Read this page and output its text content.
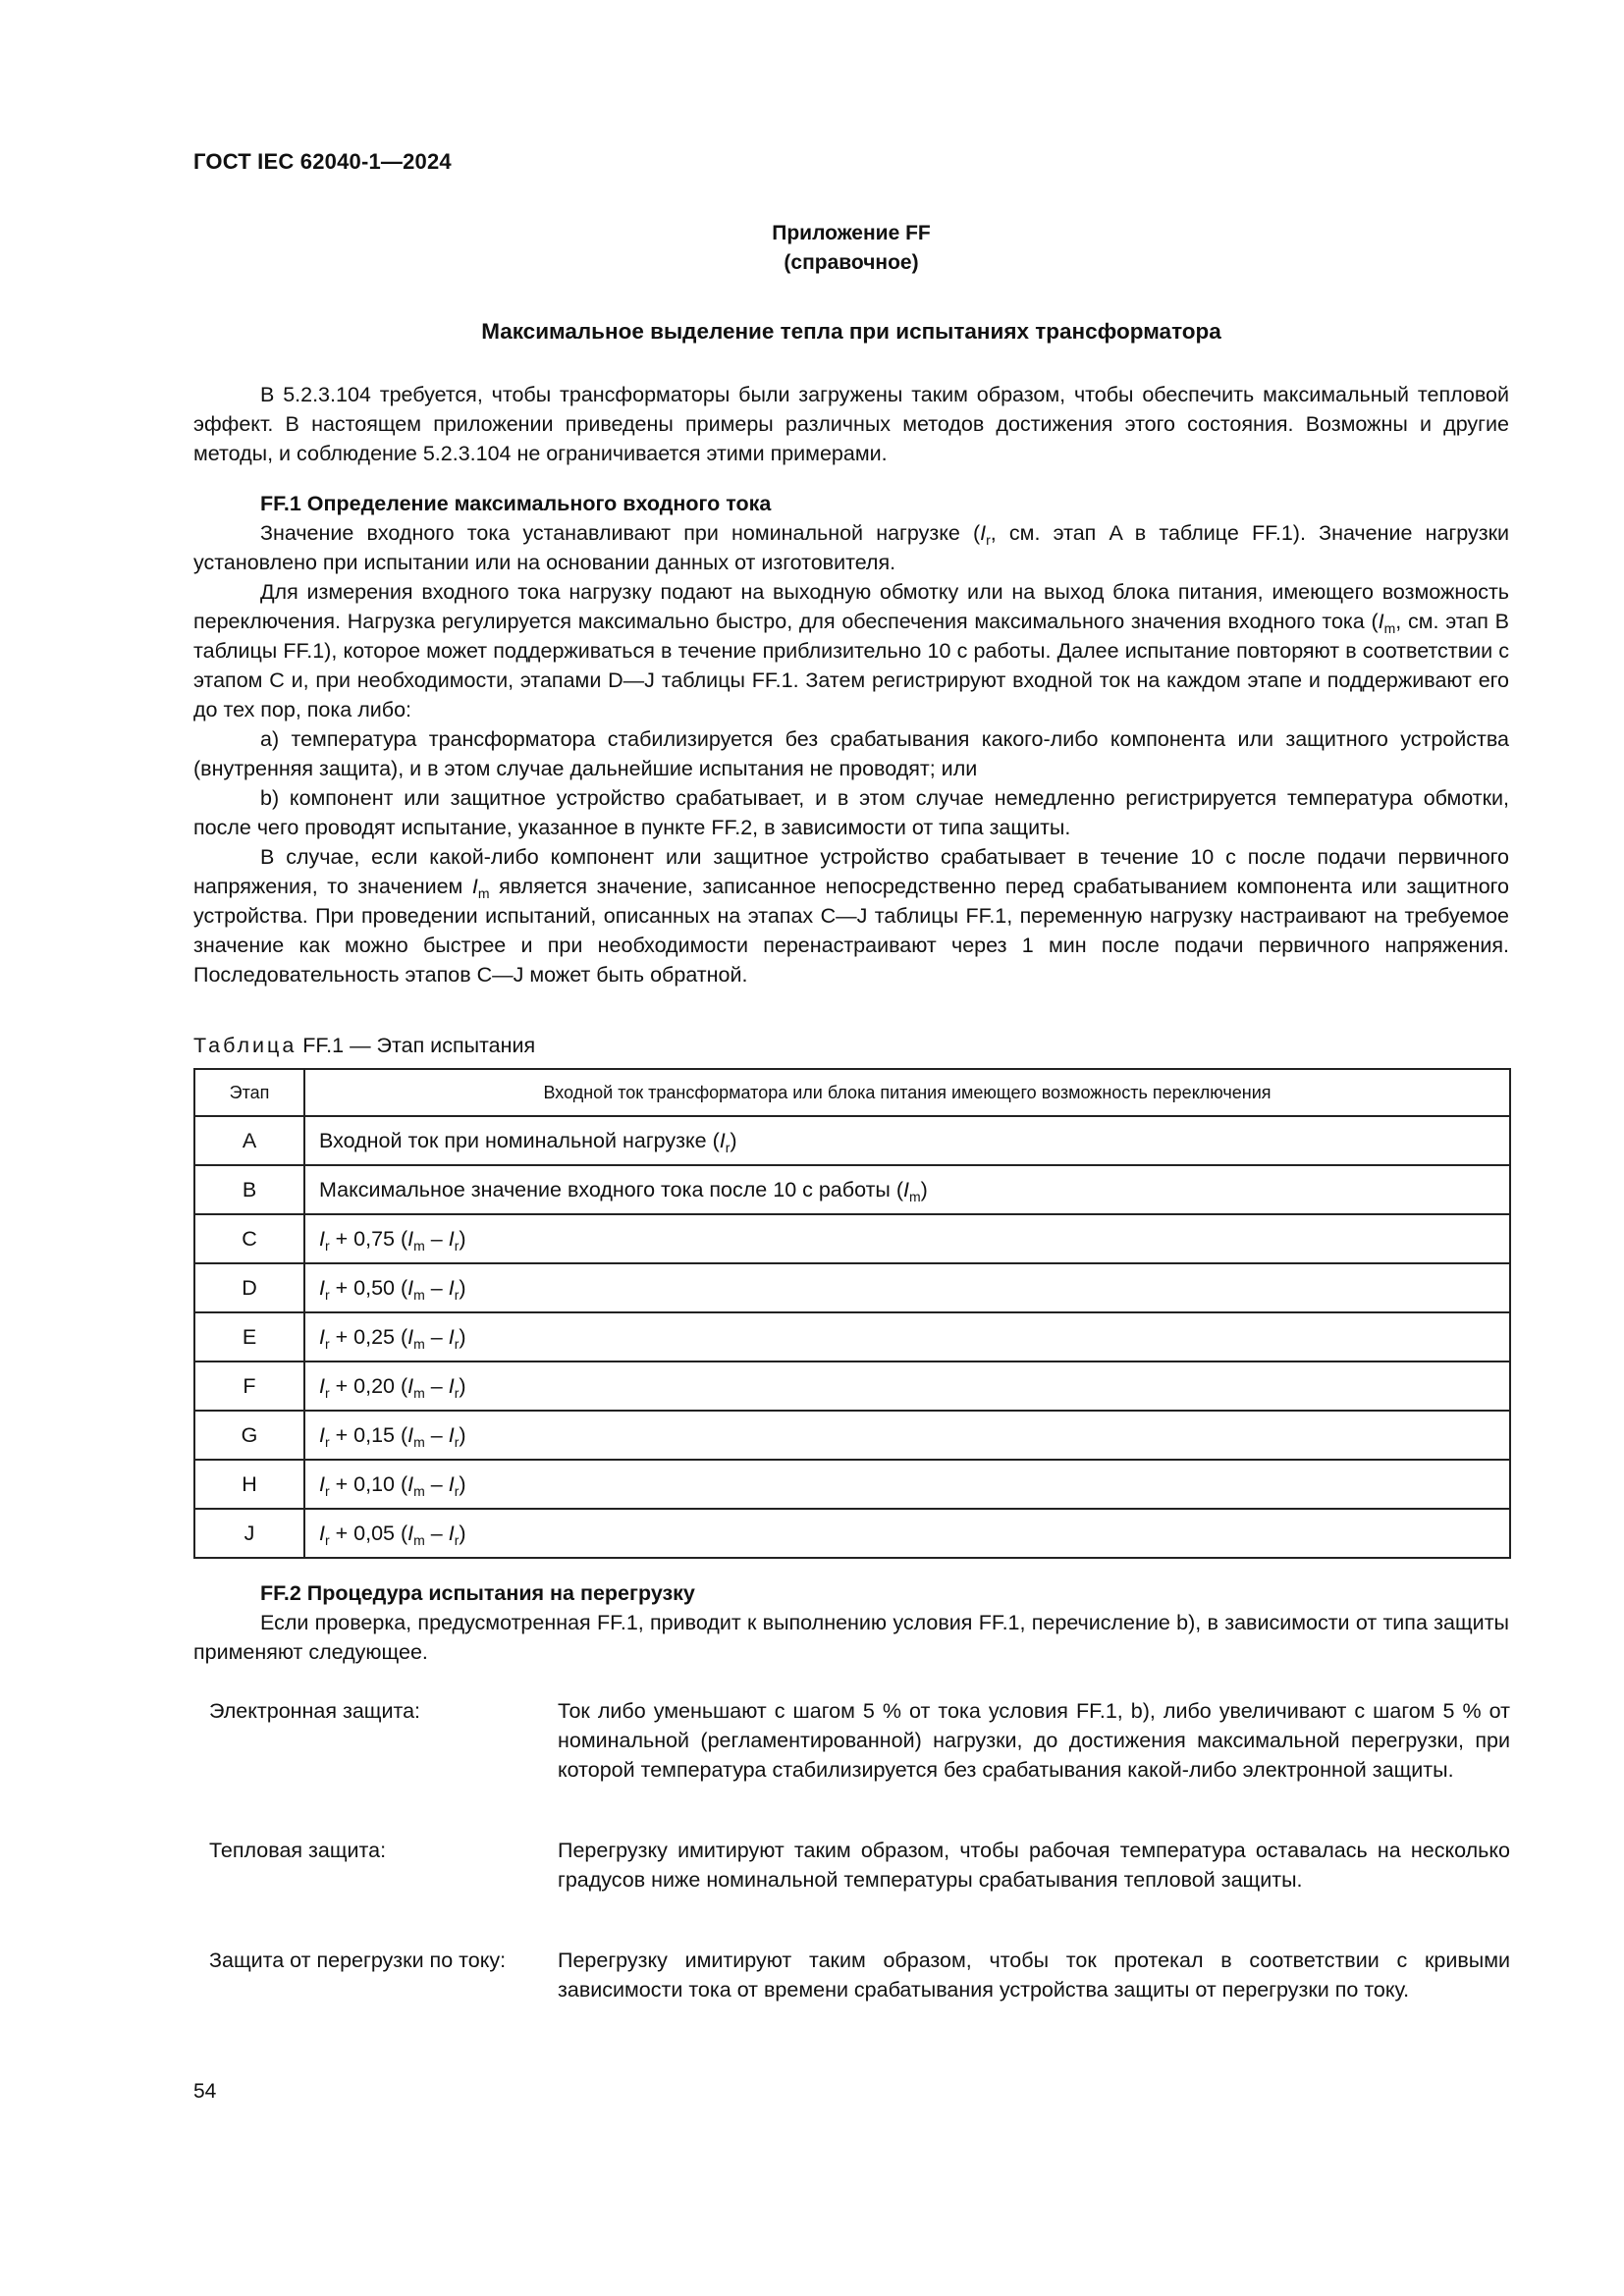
ГОСТ IEC 62040-1—2024
Приложение FF
(справочное)
Максимальное выделение тепла при испытаниях трансформатора

В 5.2.3.104 требуется, чтобы трансформаторы были загружены таким образом, чтобы обеспечить максимальный тепловой эффект. В настоящем приложении приведены примеры различных методов достижения этого состояния. Возможны и другие методы, и соблюдение 5.2.3.104 не ограничивается этими примерами.

FF.1 Определение максимального входного тока

Значение входного тока устанавливают при номинальной нагрузке ($I_r$, см. этап A в таблице FF.1). Значение нагрузки установлено при испытании или на основании данных от изготовителя.

Для измерения входного тока нагрузку подают на выходную обмотку или на выход блока питания, имеющего возможность переключения. Нагрузка регулируется максимально быстро, для обеспечения максимального значения входного тока ($I_m$, см. этап B таблицы FF.1), которое может поддерживаться в течение приблизительно 10 с работы. Далее испытание повторяют в соответствии с этапом C и, при необходимости, этапами D—J таблицы FF.1. Затем регистрируют входной ток на каждом этапе и поддерживают его до тех пор, пока либо:

a) температура трансформатора стабилизируется без срабатывания какого-либо компонента или защитного устройства (внутренняя защита), и в этом случае дальнейшие испытания не проводят; или

b) компонент или защитное устройство срабатывает, и в этом случае немедленно регистрируется температура обмотки, после чего проводят испытание, указанное в пункте FF.2, в зависимости от типа защиты.

В случае, если какой-либо компонент или защитное устройство срабатывает в течение 10 с после подачи первичного напряжения, то значением $I_m$ является значение, записанное непосредственно перед срабатыванием компонента или защитного устройства. При проведении испытаний, описанных на этапах C—J таблицы FF.1, переменную нагрузку настраивают на требуемое значение как можно быстрее и при необходимости перенастраивают через 1 мин после подачи первичного напряжения. Последовательность этапов C—J может быть обратной.

Таблица FF.1 — Этап испытания

Этап	Входной ток трансформатора или блока питания имеющего возможность переключения
A	Входной ток при номинальной нагрузке $(I_r)$
B	Максимальное значение входного тока после 10 с работы $(I_m)$
C	$I_r + 0,75$ $(I_m - I_r)$
D	$I_r + 0,50$ $(I_m - I_r)$
E	$I_r + 0,25$ $(I_m - I_r)$
F	$I_r + 0,20$ $(I_m - I_r)$
G	$I_r + 0,15$ $(I_m - I_r)$
H	$I_r + 0,10$ $(I_m - I_r)$
J	$I_r + 0,05$ $(I_m - I_r)$

FF.2 Процедура испытания на перегрузку

Если проверка, предусмотренная FF.1, приводит к выполнению условия FF.1, перечисление b), в зависимости от типа защиты применяют следующее.

Электронная защита:	Ток либо уменьшают с шагом 5 % от тока условия FF.1, b), либо увеличивают с шагом 5 % от номинальной (регламентированной) нагрузки, до достижения максимальной перегрузки, при которой температура стабилизируется без срабатывания какой-либо электронной защиты.
Тепловая защита:	Перегрузку имитируют таким образом, чтобы рабочая температура оставалась на несколько градусов ниже номинальной температуры срабатывания тепловой защиты.
Защита от перегрузки по току:	Перегрузку имитируют таким образом, чтобы ток протекал в соответствии с кривыми зависимости тока от времени срабатывания устройства защиты от перегрузки по току.
54
